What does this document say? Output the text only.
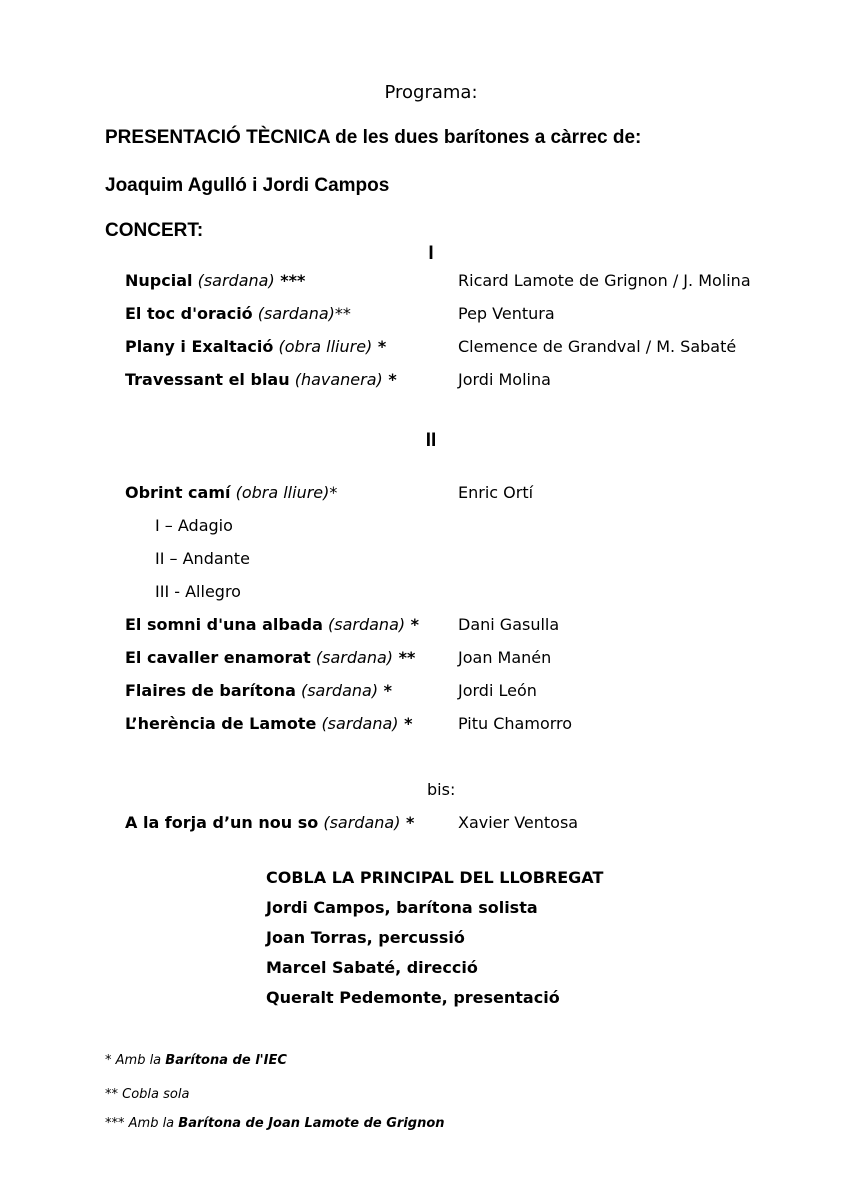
Programa:
PRESENTACIÓ TÈCNICA de les dues barítones a càrrec de:
Joaquim Agulló i Jordi Campos
CONCERT:
I
Nupcial (sardana) ***	Ricard Lamote de Grignon / J. Molina
El toc d'oració (sardana)**	Pep Ventura
Plany i Exaltació (obra lliure) *	Clemence de Grandval / M. Sabaté
Travessant el blau (havanera) *	Jordi Molina
II
Obrint camí (obra lliure)*	Enric Ortí
I – Adagio
II – Andante
III - Allegro
El somni d'una albada (sardana) * Dani Gasulla
El cavaller enamorat (sardana) **	Joan Manén
Flaires de barítona (sardana) *	Jordi León
L’herència de Lamote (sardana) *	Pitu Chamorro
bis:
A la forja d’un nou so (sardana) *	Xavier Ventosa
COBLA LA PRINCIPAL DEL LLOBREGAT
Jordi Campos, barítona solista
Joan Torras, percussió
Marcel Sabaté, direcció
Queralt Pedemonte, presentació
* Amb la Barítona de l'IEC
** Cobla sola
*** Amb la Barítona de Joan Lamote de Grignon
